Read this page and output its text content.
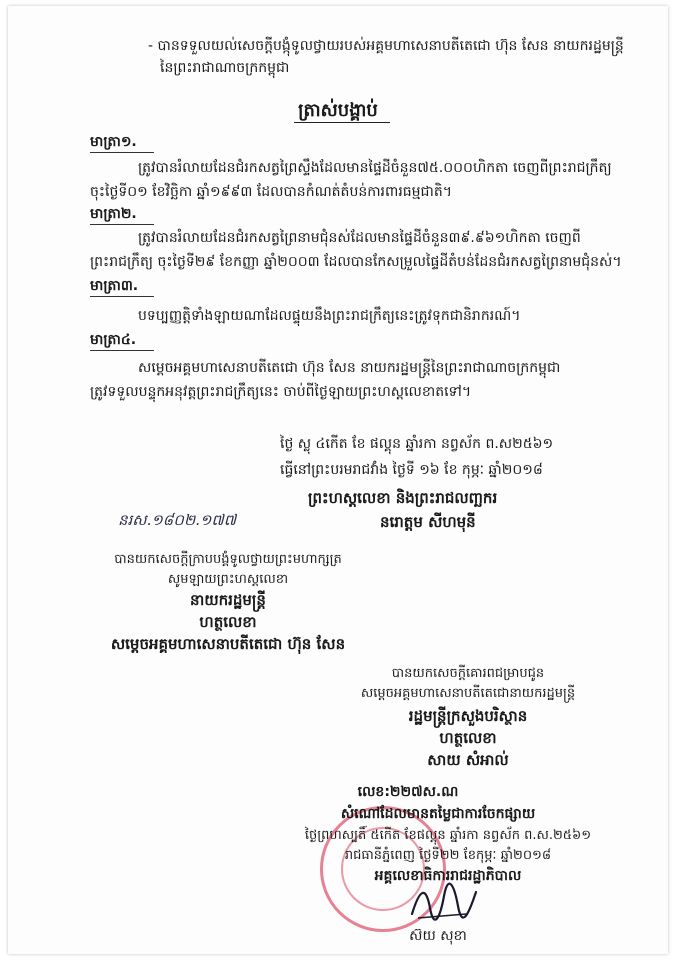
- បានទទួលយល់សេចក្តីបង្កុំទូលថ្វាយរបស់អគ្គមហាសេនាបតីតេជោ ហ៊ុន សែន នាយករដ្ឋមន្ត្រី
នៃព្រះរាជាណាចក្រកម្ពុជា
ត្រាស់បង្គាប់
មាត្រា១.
ត្រូវបានរំលាយដែនជំរកសត្វព្រៃស្ទឹងដែលមានផ្ទៃដីចំនួន៧៥.០០០ហិកតា ចេញពីព្រះរាជក្រឹត្យ
ចុះថ្ងៃទី០១ ខែវិច្ឆិកា ឆ្នាំ១៩៩៣ ដែលបានកំណត់តំបន់ការពារធម្មជាតិ។
មាត្រា២.
ត្រូវបានរំលាយដែនជំរកសត្វព្រៃនាមជុំនស់ដែលមានផ្ទៃដីចំនួន៣៩.៩៦១ហិកតា ចេញពី
ព្រះរាជក្រឹត្យ ចុះថ្ងៃទី២៩ ខែកញ្ញា ឆ្នាំ២០០៣ ដែលបានកែសម្រួលផ្ទៃដីតំបន់ដែនជំរកសត្វព្រៃនាមជុំនស់។
មាត្រា៣.
បទប្បញ្ញត្តិទាំងឡាយណាដែលផ្ទុយនឹងព្រះរាជក្រឹត្យនេះត្រូវទុកជានិរាករណ៍។
មាត្រា៤.
សម្តេចអគ្គមហាសេនាបតីតេជោ ហ៊ុន សែន នាយករដ្ឋមន្ត្រីនៃព្រះរាជាណាចក្រកម្ពុជា
ត្រូវទទួលបន្ទុកអនុវត្តព្រះរាជក្រឹត្យនេះ ចាប់ពីថ្ងៃឡាយព្រះហស្តលេខាតទៅ។
ថ្ងៃ ស្លុ ៤កើត ខែ ផល្គុន ឆ្នាំរកា នព្វស័ក ព.ស២៥៦១
ធ្វើនៅព្រះបរមរាជវាំង ថ្ងៃទី ១៦ ខែ កុម្ភៈ ឆ្នាំ២០១៨
ព្រះហស្តលេខា និងព្រះរាជលញ្ឆករ
នរោត្តម សីហមុនី
នរស.១៨០២.១៧៧
បានយកសេចក្តីក្រាបបង្គំទូលថ្វាយព្រះមហាក្សត្រ
សូមឡាយព្រះហស្តលេខា
នាយករដ្ឋមន្ត្រី
ហត្ថលេខា
សម្តេចអគ្គមហាសេនាបតីតេជោ ហ៊ុន សែន
បានយកសេចក្តីគោរពជម្រាបជូន
សម្តេចអគ្គមហាសេនាបតីតេជោនាយករដ្ឋមន្ត្រី
រដ្ឋមន្ត្រីក្រសួងបរិស្ថាន
ហត្ថលេខា
សាយ សំអាល់
លេខ:២២៧ស.ណ
សំណៅដែលមានតម្លៃជាការចែកផ្សាយ
ថ្ងៃព្រហស្បតិ៍ ៥កើត ខែផល្គុន ឆ្នាំរកា នព្វស័ក ព.ស.២៥៦១
រាជធានីភ្នំពេញ ថ្ងៃទី២២ ខែកុម្ភៈ ឆ្នាំ២០១៨
អគ្គលេខាធិការរាជរដ្ឋាភិបាល
ស៊យ សុខា
